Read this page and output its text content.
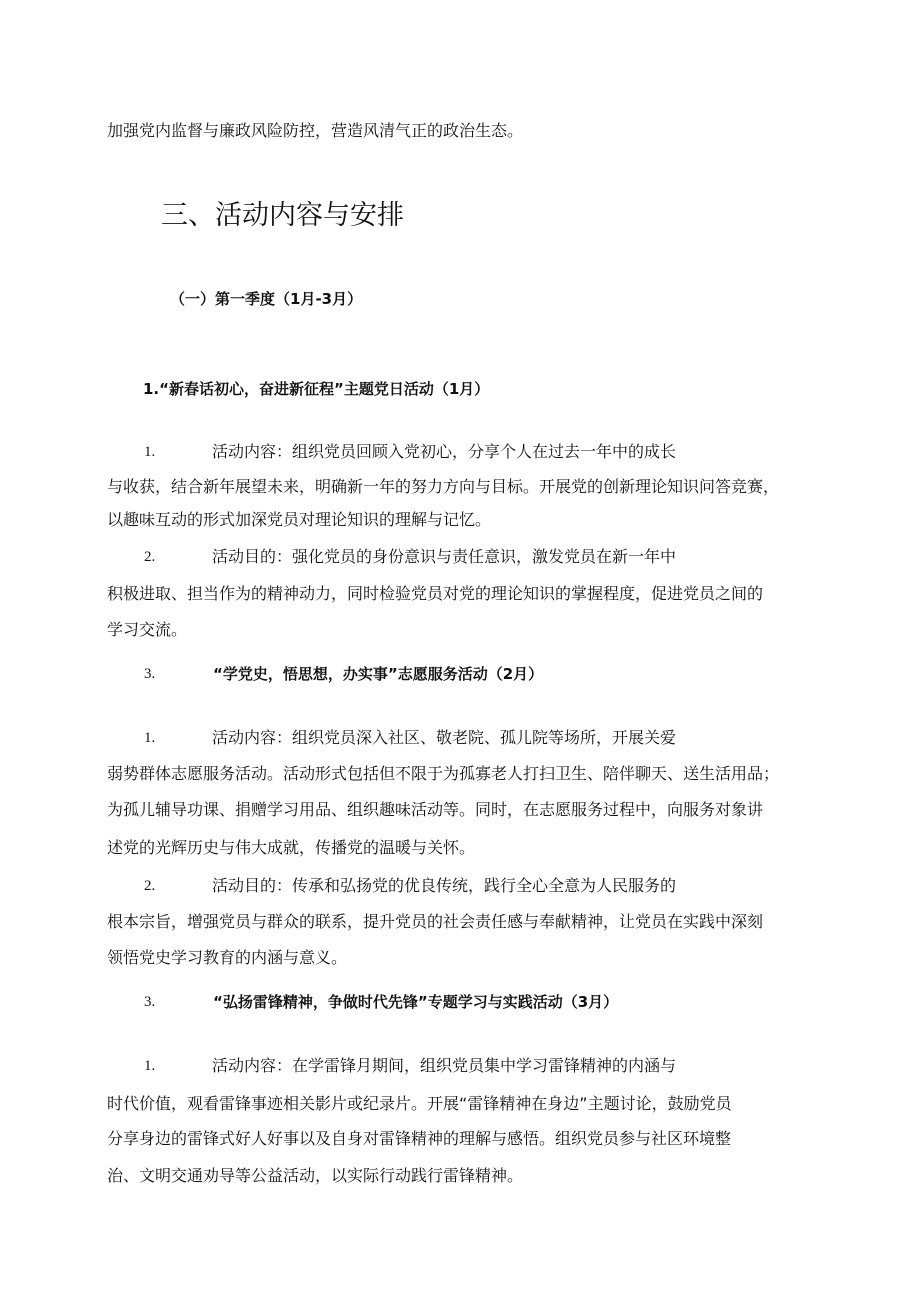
加强党内监督与廉政风险防控，营造风清气正的政治生态。
三、活动内容与安排
（一）第一季度（1月-3月）
1.“新春话初心，奋进新征程”主题党日活动（1月）
1.	活动内容：组织党员回顾入党初心，分享个人在过去一年中的成长
与收获，结合新年展望未来，明确新一年的努力方向与目标。开展党的创新理论知识问答竞赛，
以趣味互动的形式加深党员对理论知识的理解与记忆。
2.	活动目的：强化党员的身份意识与责任意识，激发党员在新一年中
积极进取、担当作为的精神动力，同时检验党员对党的理论知识的掌握程度，促进党员之间的
学习交流。
3.	“学党史，悟思想，办实事”志愿服务活动（2月）
1.	活动内容：组织党员深入社区、敬老院、孤儿院等场所，开展关爱
弱势群体志愿服务活动。活动形式包括但不限于为孤寡老人打扫卫生、陪伴聊天、送生活用品；
为孤儿辅导功课、捐赠学习用品、组织趣味活动等。同时，在志愿服务过程中，向服务对象讲
述党的光辉历史与伟大成就，传播党的温暖与关怀。
2.	活动目的：传承和弘扬党的优良传统，践行全心全意为人民服务的
根本宗旨，增强党员与群众的联系，提升党员的社会责任感与奉献精神，让党员在实践中深刻
领悟党史学习教育的内涵与意义。
3.	“弘扬雷锋精神，争做时代先锋”专题学习与实践活动（3月）
1.	活动内容：在学雷锋月期间，组织党员集中学习雷锋精神的内涵与
时代价值，观看雷锋事迹相关影片或纪录片。开展“雷锋精神在身边”主题讨论，鼓励党员
分享身边的雷锋式好人好事以及自身对雷锋精神的理解与感悟。组织党员参与社区环境整
治、文明交通劝导等公益活动，以实际行动践行雷锋精神。
